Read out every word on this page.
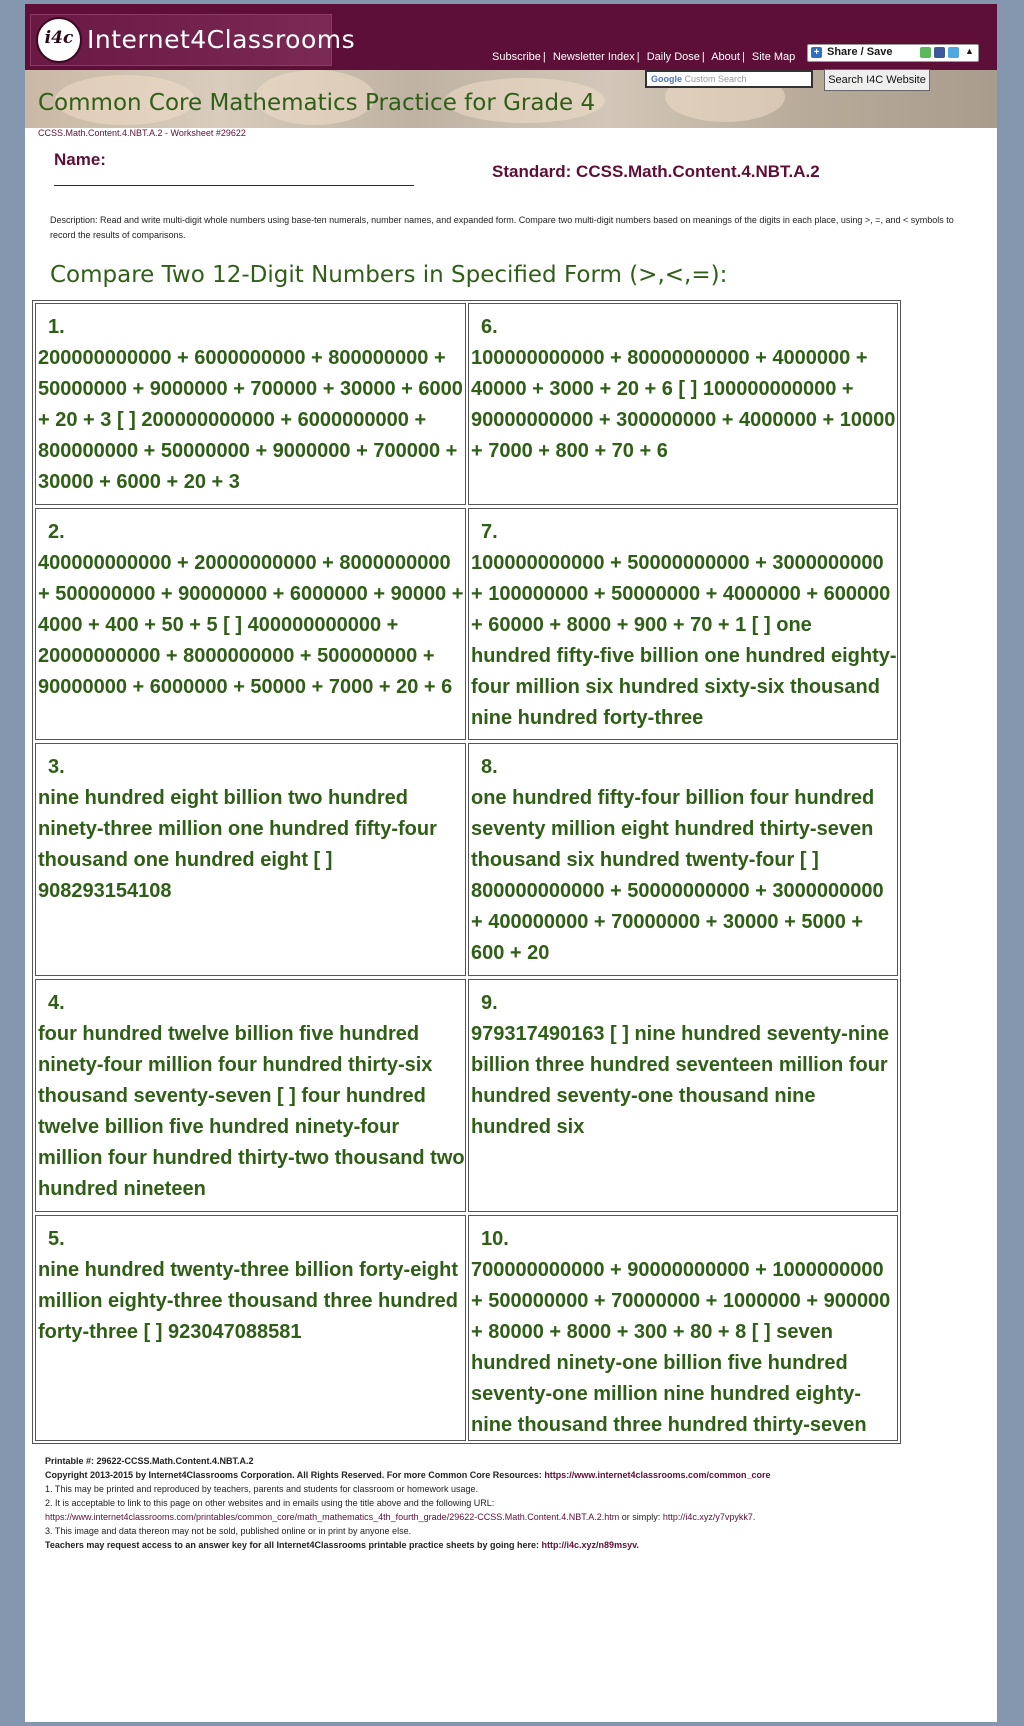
i4c Internet4Classrooms
Subscribe | Newsletter Index | Daily Dose | About | Site Map + Share / Save	▲
Google Custom Search	Search I4C Website
Common Core Mathematics Practice for Grade 4
CCSS.Math.Content.4.NBT.A.2 - Worksheet #29622
Name:
Standard: CCSS.Math.Content.4.NBT.A.2
Description: Read and write multi-digit whole numbers using base-ten numerals, number names, and expanded form. Compare two multi-digit numbers based on meanings of the digits in each place, using >, =, and < symbols to record the results of comparisons.
Compare Two 12-Digit Numbers in Specified Form (>,<,=):
1.
200000000000 + 6000000000 + 800000000 + 50000000 + 9000000 + 700000 + 30000 + 6000 + 20 + 3 [ ] 200000000000 + 6000000000 + 800000000 + 50000000 + 9000000 + 700000 + 30000 + 6000 + 20 + 3
6.
100000000000 + 80000000000 + 4000000 + 40000 + 3000 + 20 + 6 [ ] 100000000000 + 90000000000 + 300000000 + 4000000 + 10000 + 7000 + 800 + 70 + 6
2.
400000000000 + 20000000000 + 8000000000 + 500000000 + 90000000 + 6000000 + 90000 + 4000 + 400 + 50 + 5 [ ] 400000000000 + 20000000000 + 8000000000 + 500000000 + 90000000 + 6000000 + 50000 + 7000 + 20 + 6
7.
100000000000 + 50000000000 + 3000000000 + 100000000 + 50000000 + 4000000 + 600000 + 60000 + 8000 + 900 + 70 + 1 [ ] one hundred fifty-five billion one hundred eighty-four million six hundred sixty-six thousand nine hundred forty-three
3.
nine hundred eight billion two hundred ninety-three million one hundred fifty-four thousand one hundred eight [ ] 908293154108
8.
one hundred fifty-four billion four hundred seventy million eight hundred thirty-seven thousand six hundred twenty-four [ ] 800000000000 + 50000000000 + 3000000000 + 400000000 + 70000000 + 30000 + 5000 + 600 + 20
4.
four hundred twelve billion five hundred ninety-four million four hundred thirty-six thousand seventy-seven [ ] four hundred twelve billion five hundred ninety-four million four hundred thirty-two thousand two hundred nineteen
9.
979317490163 [ ] nine hundred seventy-nine billion three hundred seventeen million four hundred seventy-one thousand nine hundred six
5.
nine hundred twenty-three billion forty-eight million eighty-three thousand three hundred forty-three [ ] 923047088581
10.
700000000000 + 90000000000 + 1000000000 + 500000000 + 70000000 + 1000000 + 900000 + 80000 + 8000 + 300 + 80 + 8 [ ] seven hundred ninety-one billion five hundred seventy-one million nine hundred eighty-nine thousand three hundred thirty-seven
Printable #: 29622-CCSS.Math.Content.4.NBT.A.2
Copyright 2013-2015 by Internet4Classrooms Corporation. All Rights Reserved. For more Common Core Resources: https://www.internet4classrooms.com/common_core
1. This may be printed and reproduced by teachers, parents and students for classroom or homework usage.
2. It is acceptable to link to this page on other websites and in emails using the title above and the following URL:
https://www.internet4classrooms.com/printables/common_core/math_mathematics_4th_fourth_grade/29622-CCSS.Math.Content.4.NBT.A.2.htm or simply: http://i4c.xyz/y7vpykk7.
3. This image and data thereon may not be sold, published online or in print by anyone else.
Teachers may request access to an answer key for all Internet4Classrooms printable practice sheets by going here: http://i4c.xyz/n89msyv.
